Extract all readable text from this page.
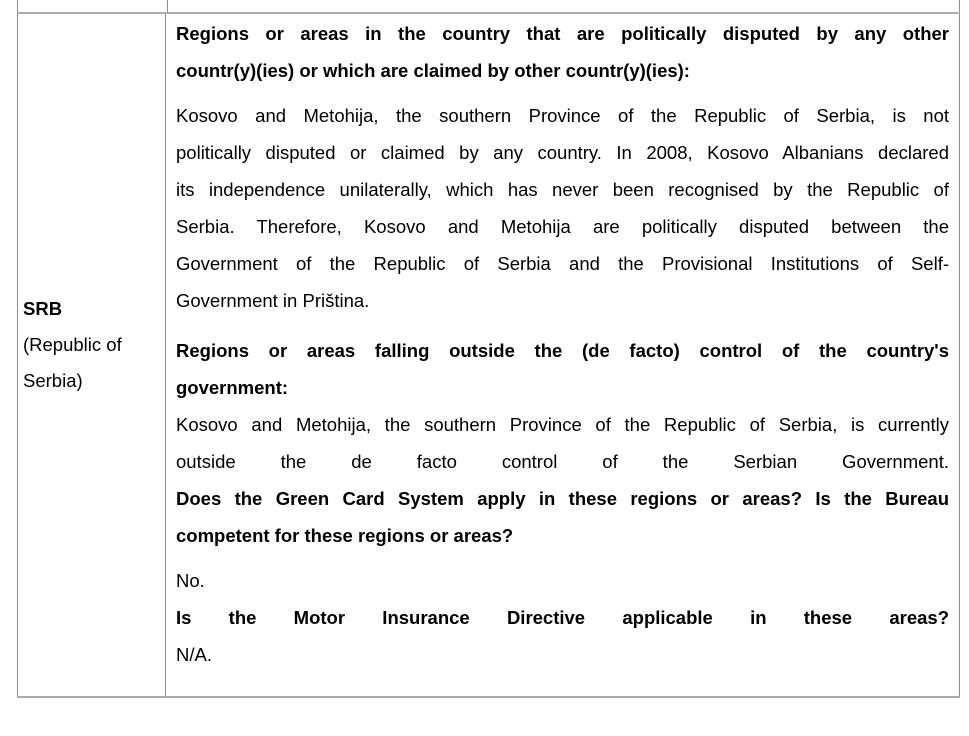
SRB
(Republic of
Serbia)
Regions or areas in the country that are politically disputed by any other
countr(y)(ies) or which are claimed by other countr(y)(ies):
Kosovo and Metohija, the southern Province of the Republic of Serbia, is not
politically disputed or claimed by any country. In 2008, Kosovo Albanians declared
its independence unilaterally, which has never been recognised by the Republic of
Serbia. Therefore, Kosovo and Metohija are politically disputed between the
Government of the Republic of Serbia and the Provisional Institutions of Self-
Government in Priština.
Regions or areas falling outside the (de facto) control of the country's
government:
Kosovo and Metohija, the southern Province of the Republic of Serbia, is currently
outside the de facto control of the Serbian Government.
Does the Green Card System apply in these regions or areas? Is the Bureau
competent for these regions or areas?
No.
Is the Motor Insurance Directive applicable in these areas?
N/A.
